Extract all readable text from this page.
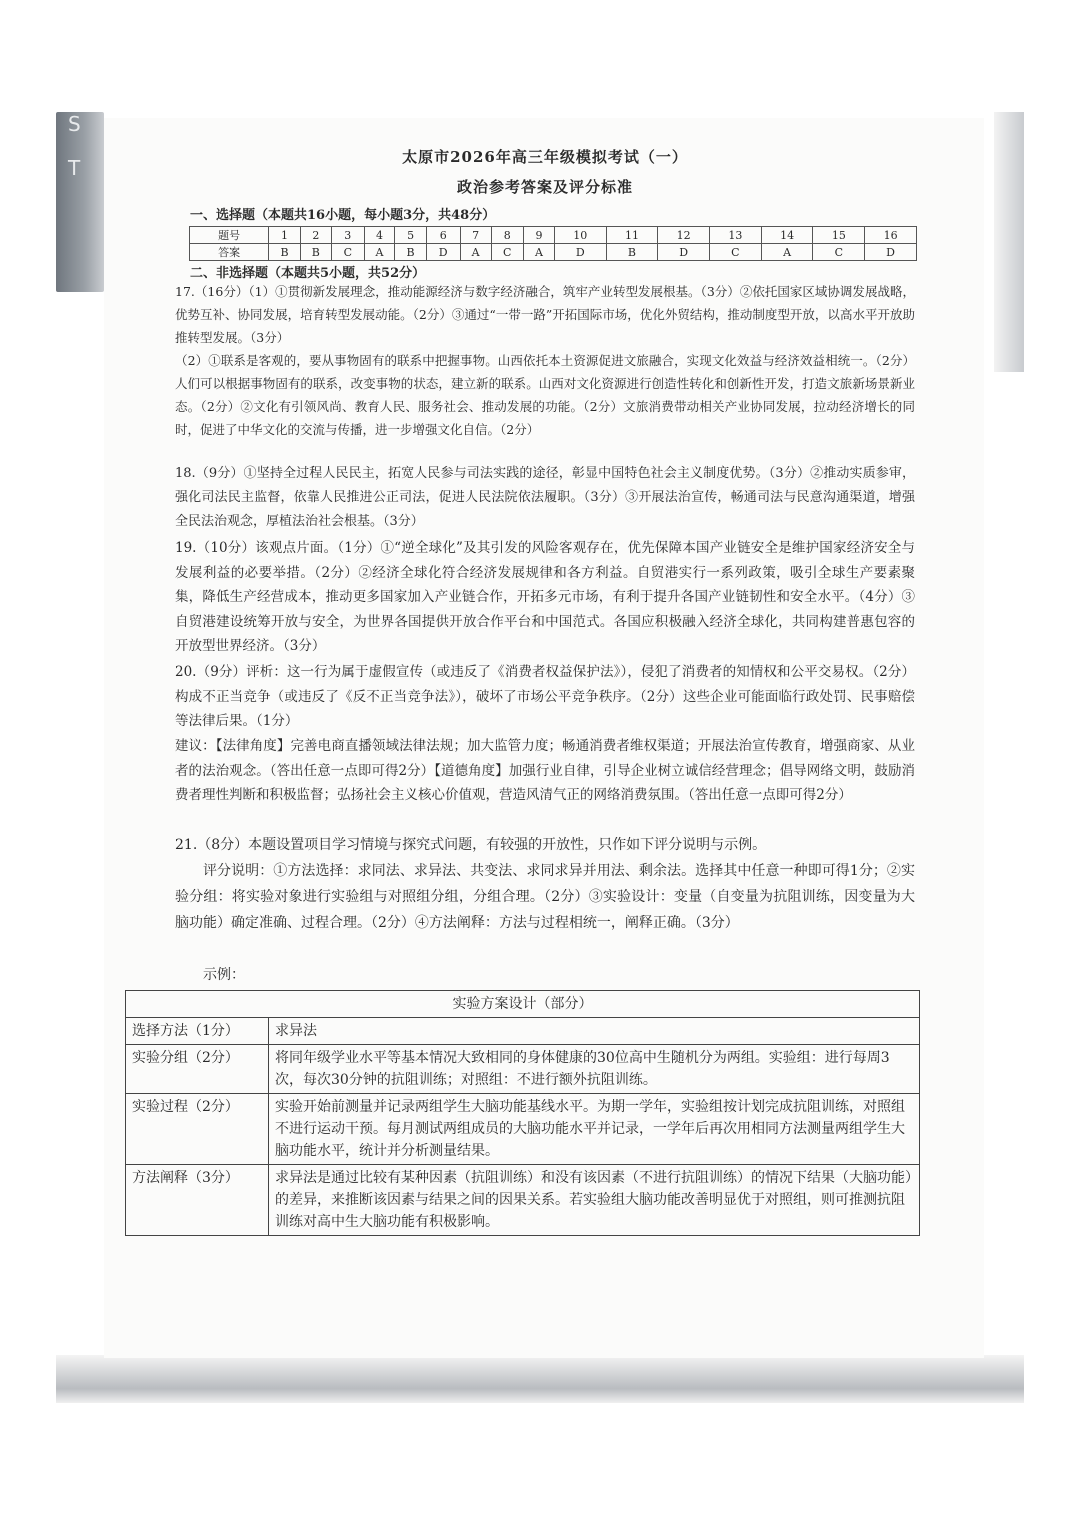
S
T	太原市2026年高三年级模拟考试（一）
政治参考答案及评分标准
一、选择题（本题共16小题，每小题3分，共48分）
题号	1	2	3	4	5	6	7	8	9	10	11	12	13	14	15	16
答案	B	B	C	A	B	D	A	C	A	D	B	D	C	A	C	D
二、非选择题（本题共5小题，共52分）
17.（16分）（1）①贯彻新发展理念，推动能源经济与数字经济融合，筑牢产业转型发展根基。（3分）②依托国家区域协调发展战略，优势互补、协同发展，培育转型发展动能。（2分）③通过“一带一路”开拓国际市场，优化外贸结构，推动制度型开放，以高水平开放助推转型发展。（3分）
（2）①联系是客观的，要从事物固有的联系中把握事物。山西依托本土资源促进文旅融合，实现文化效益与经济效益相统一。（2分）人们可以根据事物固有的联系，改变事物的状态，建立新的联系。山西对文化资源进行创造性转化和创新性开发，打造文旅新场景新业态。（2分）②文化有引领风尚、教育人民、服务社会、推动发展的功能。（2分）文旅消费带动相关产业协同发展，拉动经济增长的同时，促进了中华文化的交流与传播，进一步增强文化自信。（2分）
18.（9分）①坚持全过程人民民主，拓宽人民参与司法实践的途径，彰显中国特色社会主义制度优势。（3分）②推动实质参审，强化司法民主监督，依靠人民推进公正司法，促进人民法院依法履职。（3分）③开展法治宣传，畅通司法与民意沟通渠道，增强全民法治观念，厚植法治社会根基。（3分）
19.（10分）该观点片面。（1分）①“逆全球化”及其引发的风险客观存在，优先保障本国产业链安全是维护国家经济安全与发展利益的必要举措。（2分）②经济全球化符合经济发展规律和各方利益。自贸港实行一系列政策，吸引全球生产要素聚集，降低生产经营成本，推动更多国家加入产业链合作，开拓多元市场，有利于提升各国产业链韧性和安全水平。（4分）③自贸港建设统筹开放与安全，为世界各国提供开放合作平台和中国范式。各国应积极融入经济全球化，共同构建普惠包容的开放型世界经济。（3分）
20.（9分）评析：这一行为属于虚假宣传（或违反了《消费者权益保护法》），侵犯了消费者的知情权和公平交易权。（2分）构成不正当竞争（或违反了《反不正当竞争法》），破坏了市场公平竞争秩序。（2分）这些企业可能面临行政处罚、民事赔偿等法律后果。（1分）
建议：【法律角度】完善电商直播领域法律法规；加大监管力度；畅通消费者维权渠道；开展法治宣传教育，增强商家、从业者的法治观念。（答出任意一点即可得2分）【道德角度】加强行业自律，引导企业树立诚信经营理念；倡导网络文明，鼓励消费者理性判断和积极监督；弘扬社会主义核心价值观，营造风清气正的网络消费氛围。（答出任意一点即可得2分）
21.（8分）本题设置项目学习情境与探究式问题，有较强的开放性，只作如下评分说明与示例。
评分说明：①方法选择：求同法、求异法、共变法、求同求异并用法、剩余法。选择其中任意一种即可得1分；②实验分组：将实验对象进行实验组与对照组分组，分组合理。（2分）③实验设计：变量（自变量为抗阻训练，因变量为大脑功能）确定准确、过程合理。（2分）④方法阐释：方法与过程相统一，阐释正确。（3分）
示例：
实验方案设计（部分）	
选择方法（1分）	求异法
实验分组（2分）	将同年级学业水平等基本情况大致相同的身体健康的30位高中生随机分为两组。实验组：进行每周3次，每次30分钟的抗阻训练；对照组：不进行额外抗阻训练。
实验过程（2分）	实验开始前测量并记录两组学生大脑功能基线水平。为期一学年，实验组按计划完成抗阻训练，对照组不进行运动干预。每月测试两组成员的大脑功能水平并记录，一学年后再次用相同方法测量两组学生大脑功能水平，统计并分析测量结果。
方法阐释（3分）	求异法是通过比较有某种因素（抗阻训练）和没有该因素（不进行抗阻训练）的情况下结果（大脑功能）的差异，来推断该因素与结果之间的因果关系。若实验组大脑功能改善明显优于对照组，则可推测抗阻训练对高中生大脑功能有积极影响。
